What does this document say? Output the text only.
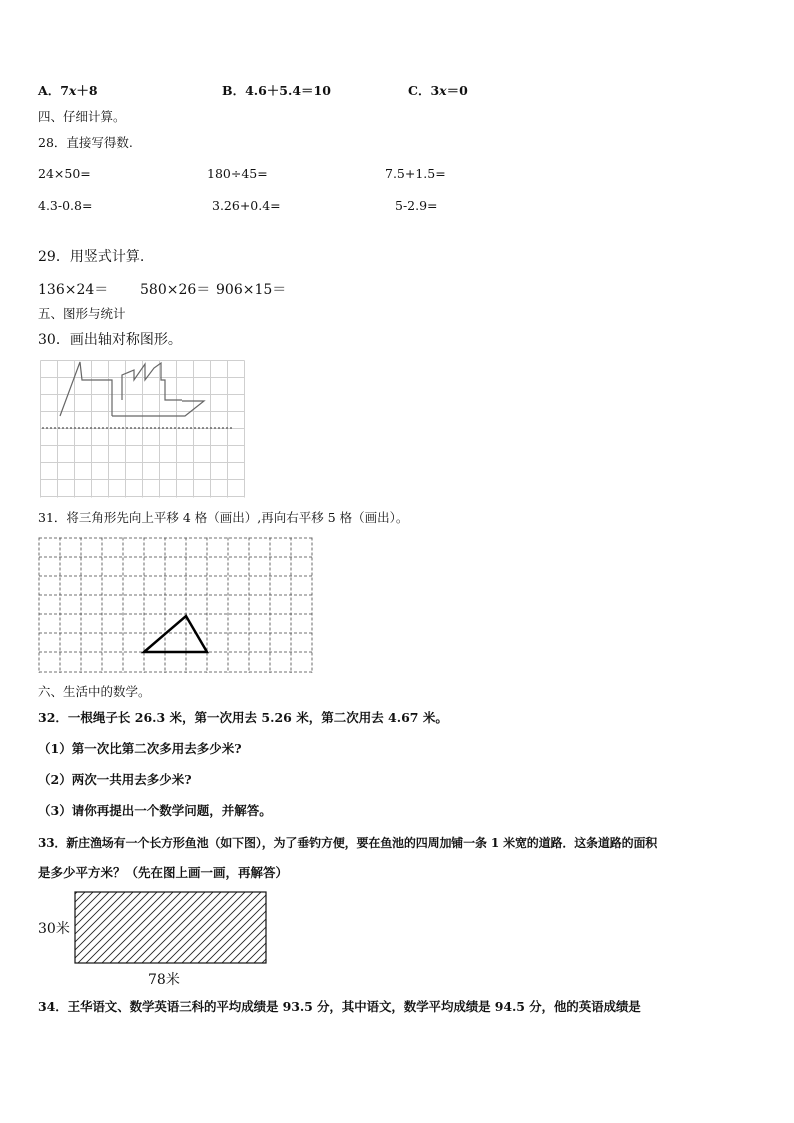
A．7x＋8	B．4.6＋5.4＝10	C．3x＝0
四、仔细计算。
28．直接写得数.
24×50=	180÷45=	7.5+1.5=
4.3-0.8=	3.26+0.4=	5-2.9=
29．用竖式计算.
136×24＝ 580×26＝ 906×15＝
五、图形与统计
30．画出轴对称图形。
31．将三角形先向上平移 4 格（画出）,再向右平移 5 格（画出）。
六、生活中的数学。
32．一根绳子长 26.3 米，第一次用去 5.26 米，第二次用去 4.67 米。
（1）第一次比第二次多用去多少米?
（2）两次一共用去多少米?
（3）请你再提出一个数学问题，并解答。
33．新庄渔场有一个长方形鱼池（如下图），为了垂钓方便，要在鱼池的四周加铺一条 1 米宽的道路．这条道路的面积
是多少平方米？（先在图上画一画，再解答）
30米
78米
34．王华语文、数学英语三科的平均成绩是 93.5 分，其中语文，数学平均成绩是 94.5 分，他的英语成绩是
